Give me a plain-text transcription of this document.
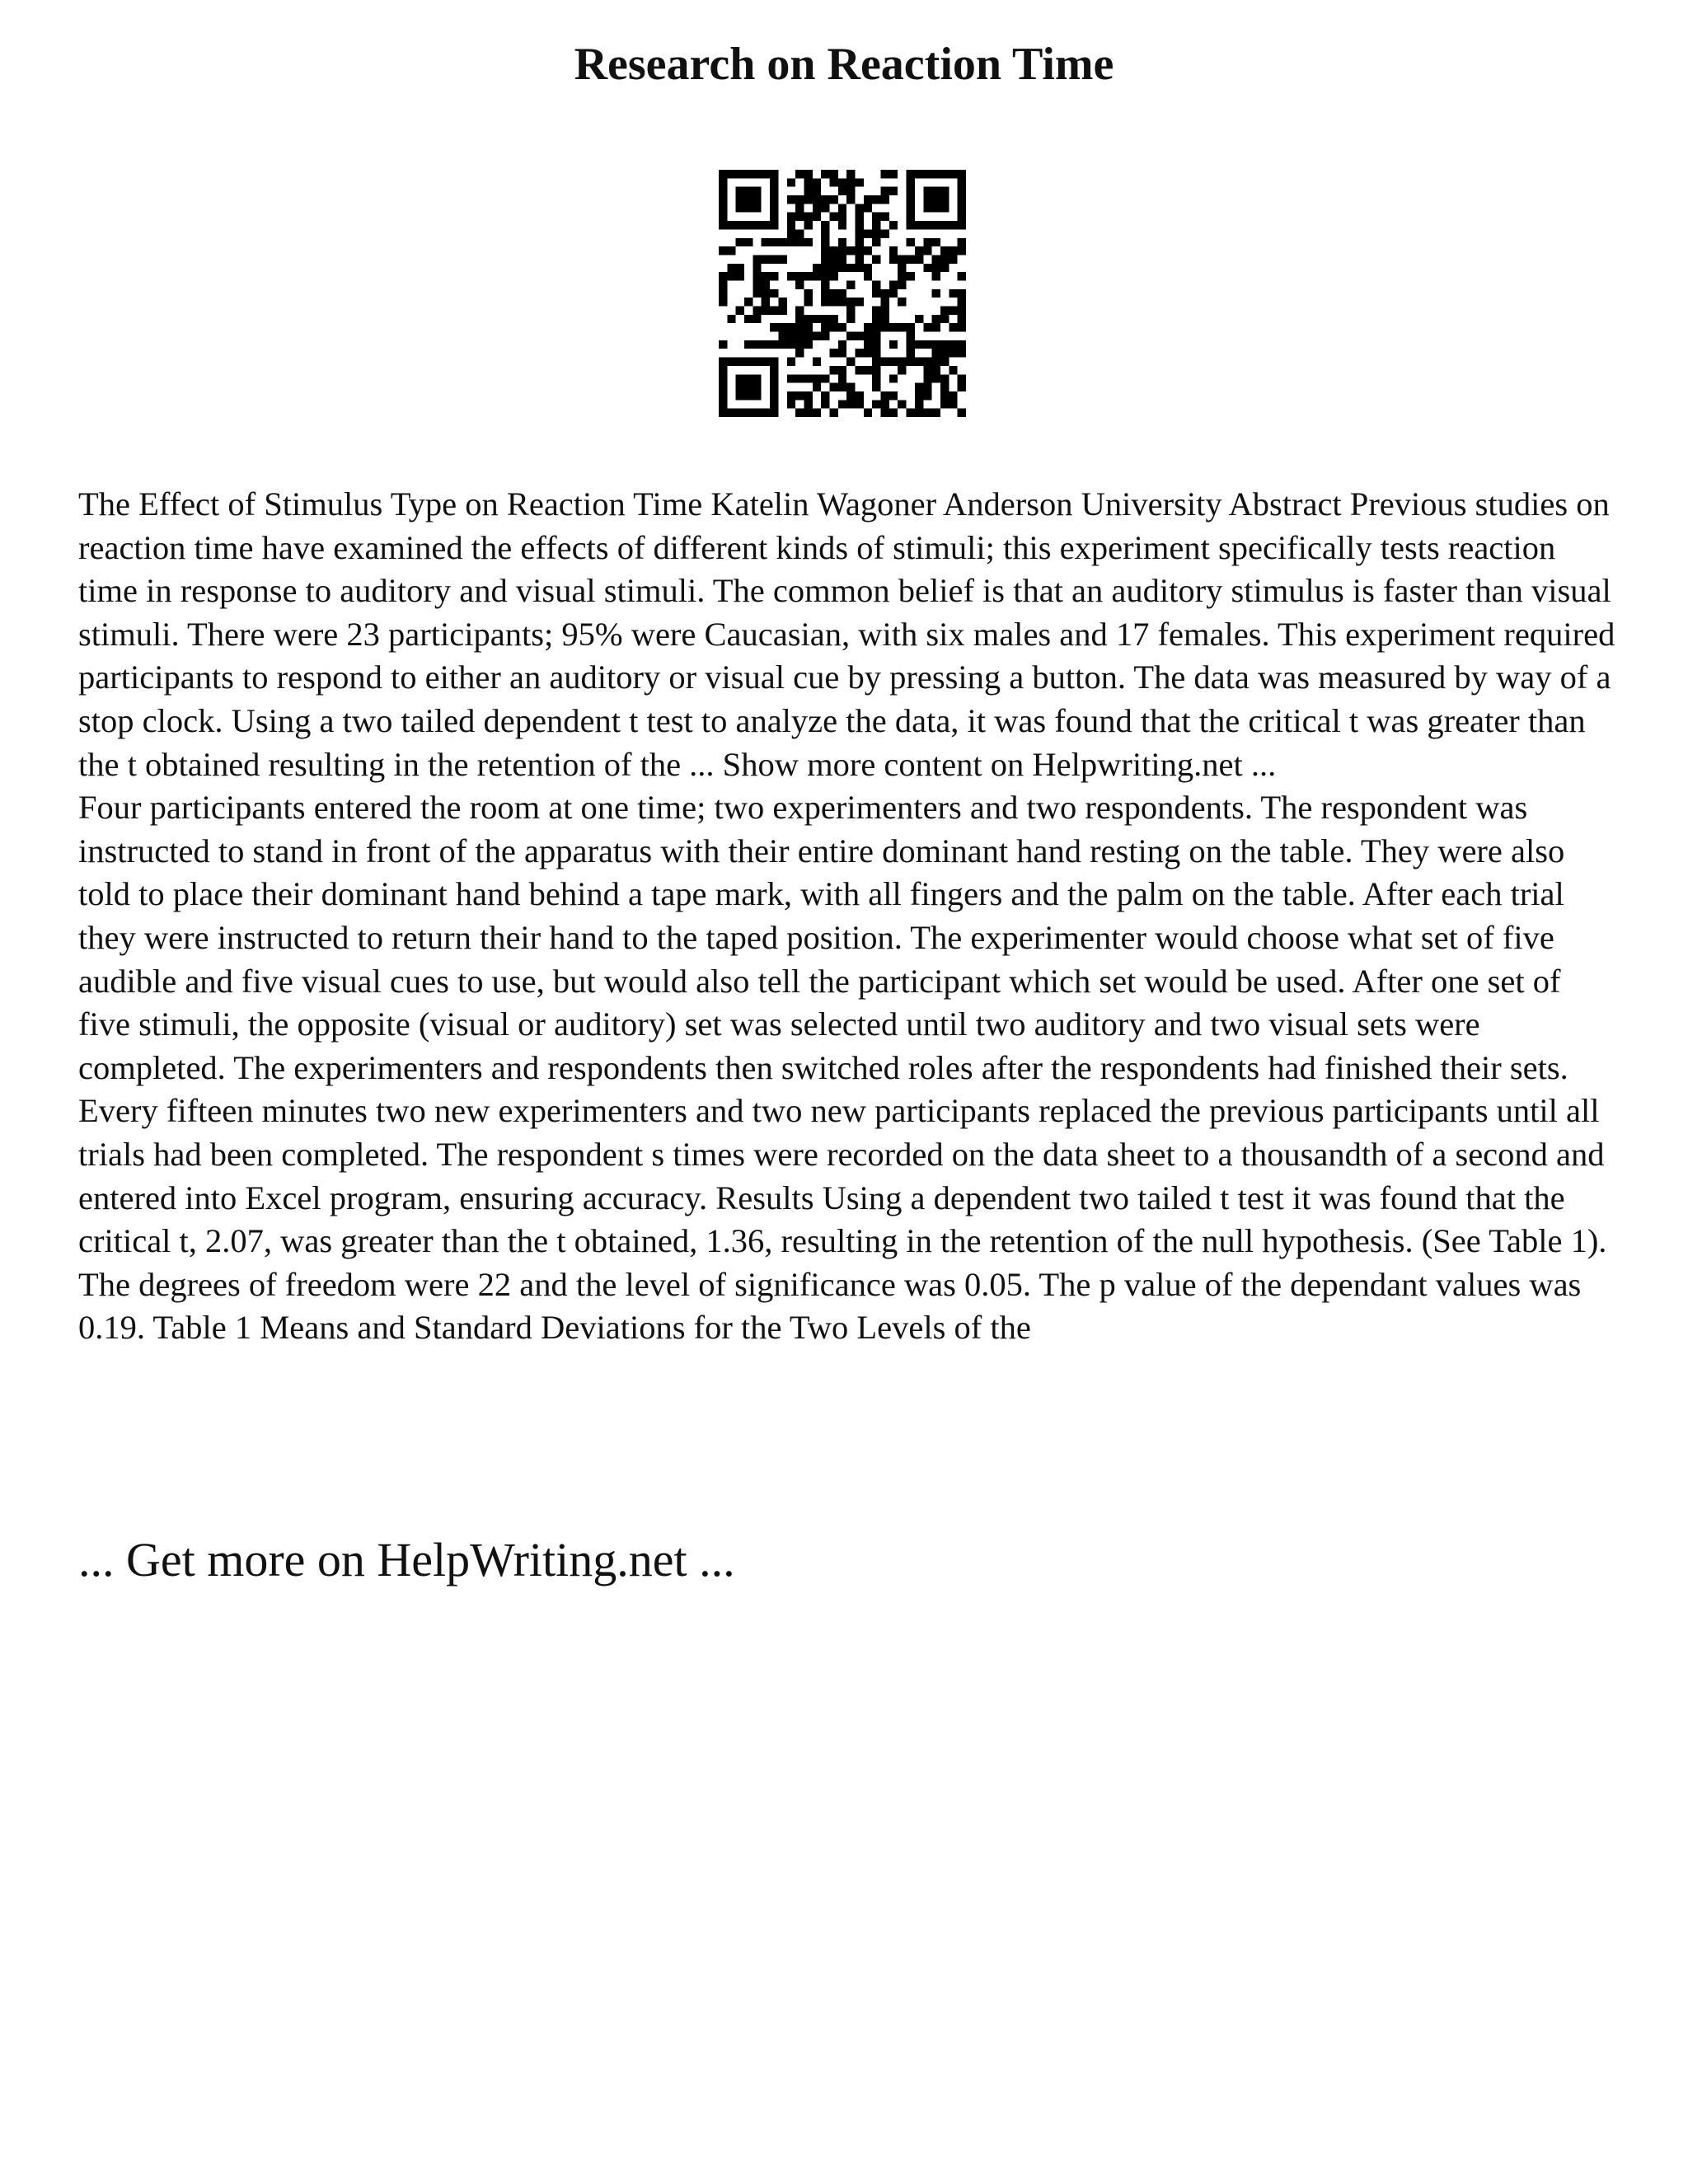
Research on Reaction Time

The Effect of Stimulus Type on Reaction Time Katelin Wagoner Anderson University Abstract Previous studies on reaction time have examined the effects of different kinds of stimuli; this experiment specifically tests reaction time in response to auditory and visual stimuli. The common belief is that an auditory stimulus is faster than visual stimuli. There were 23 participants; 95% were Caucasian, with six males and 17 females. This experiment required participants to respond to either an auditory or visual cue by pressing a button. The data was measured by way of a stop clock. Using a two tailed dependent t test to analyze the data, it was found that the critical t was greater than the t obtained resulting in the retention of the ... Show more content on Helpwriting.net ...

Four participants entered the room at one time; two experimenters and two respondents. The respondent was instructed to stand in front of the apparatus with their entire dominant hand resting on the table. They were also told to place their dominant hand behind a tape mark, with all fingers and the palm on the table. After each trial they were instructed to return their hand to the taped position. The experimenter would choose what set of five audible and five visual cues to use, but would also tell the participant which set would be used. After one set of five stimuli, the opposite (visual or auditory) set was selected until two auditory and two visual sets were completed. The experimenters and respondents then switched roles after the respondents had finished their sets. Every fifteen minutes two new experimenters and two new participants replaced the previous participants until all trials had been completed. The respondent s times were recorded on the data sheet to a thousandth of a second and entered into Excel program, ensuring accuracy. Results Using a dependent two tailed t test it was found that the critical t, 2.07, was greater than the t obtained, 1.36, resulting in the retention of the null hypothesis. (See Table 1). The degrees of freedom were 22 and the level of significance was 0.05. The p value of the dependant values was 0.19. Table 1 Means and Standard Deviations for the Two Levels of the

... Get more on HelpWriting.net ...
